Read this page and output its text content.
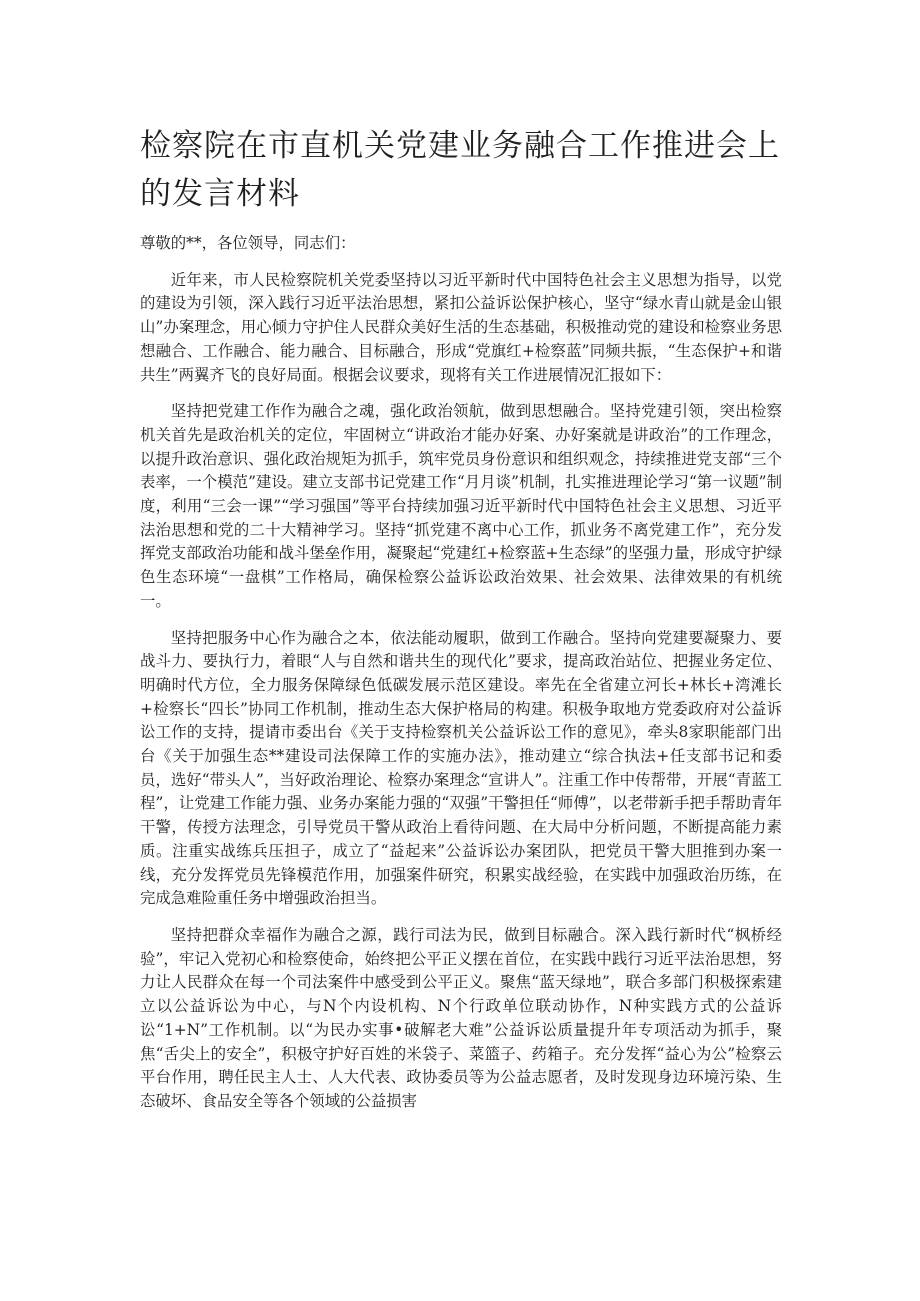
检察院在市直机关党建业务融合工作推进会上的发言材料

尊敬的**，各位领导，同志们：

近年来，市人民检察院机关党委坚持以习近平新时代中国特色社会主义思想为指导，以党的建设为引领，深入践行习近平法治思想，紧扣公益诉讼保护核心，坚守“绿水青山就是金山银山”办案理念，用心倾力守护住人民群众美好生活的生态基础，积极推动党的建设和检察业务思想融合、工作融合、能力融合、目标融合，形成“党旗红+检察蓝”同频共振，“生态保护+和谐共生”两翼齐飞的良好局面。根据会议要求，现将有关工作进展情况汇报如下：

坚持把党建工作作为融合之魂，强化政治领航，做到思想融合。坚持党建引领，突出检察机关首先是政治机关的定位，牢固树立“讲政治才能办好案、办好案就是讲政治”的工作理念，以提升政治意识、强化政治规矩为抓手，筑牢党员身份意识和组织观念，持续推进党支部“三个表率，一个模范”建设。建立支部书记党建工作“月月谈”机制，扎实推进理论学习“第一议题”制度，利用“三会一课”“学习强国”等平台持续加强习近平新时代中国特色社会主义思想、习近平法治思想和党的二十大精神学习。坚持“抓党建不离中心工作，抓业务不离党建工作”，充分发挥党支部政治功能和战斗堡垒作用，凝聚起“党建红+检察蓝+生态绿”的坚强力量，形成守护绿色生态环境“一盘棋”工作格局，确保检察公益诉讼政治效果、社会效果、法律效果的有机统一。

坚持把服务中心作为融合之本，依法能动履职，做到工作融合。坚持向党建要凝聚力、要战斗力、要执行力，着眼“人与自然和谐共生的现代化”要求，提高政治站位、把握业务定位、明确时代方位，全力服务保障绿色低碳发展示范区建设。率先在全省建立河长+林长+湾滩长+检察长“四长”协同工作机制，推动生态大保护格局的构建。积极争取地方党委政府对公益诉讼工作的支持，提请市委出台《关于支持检察机关公益诉讼工作的意见》，牵头8家职能部门出台《关于加强生态**建设司法保障工作的实施办法》，推动建立“综合执法+任支部书记和委员，选好“带头人”，当好政治理论、检察办案理念“宣讲人”。注重工作中传帮带，开展“青蓝工程”，让党建工作能力强、业务办案能力强的“双强”干警担任“师傅”，以老带新手把手帮助青年干警，传授方法理念，引导党员干警从政治上看待问题、在大局中分析问题，不断提高能力素质。注重实战练兵压担子，成立了“益起来”公益诉讼办案团队，把党员干警大胆推到办案一线，充分发挥党员先锋模范作用，加强案件研究，积累实战经验，在实践中加强政治历练，在完成急难险重任务中增强政治担当。

坚持把群众幸福作为融合之源，践行司法为民，做到目标融合。深入践行新时代“枫桥经验”，牢记入党初心和检察使命，始终把公平正义摆在首位，在实践中践行习近平法治思想，努力让人民群众在每一个司法案件中感受到公平正义。聚焦“蓝天绿地”，联合多部门积极探索建立以公益诉讼为中心，与N个内设机构、N个行政单位联动协作，N种实践方式的公益诉讼“1+N”工作机制。以“为民办实事•破解老大难”公益诉讼质量提升年专项活动为抓手，聚焦“舌尖上的安全”，积极守护好百姓的米袋子、菜篮子、药箱子。充分发挥“益心为公”检察云平台作用，聘任民主人士、人大代表、政协委员等为公益志愿者，及时发现身边环境污染、生态破坏、食品安全等各个领域的公益损害
